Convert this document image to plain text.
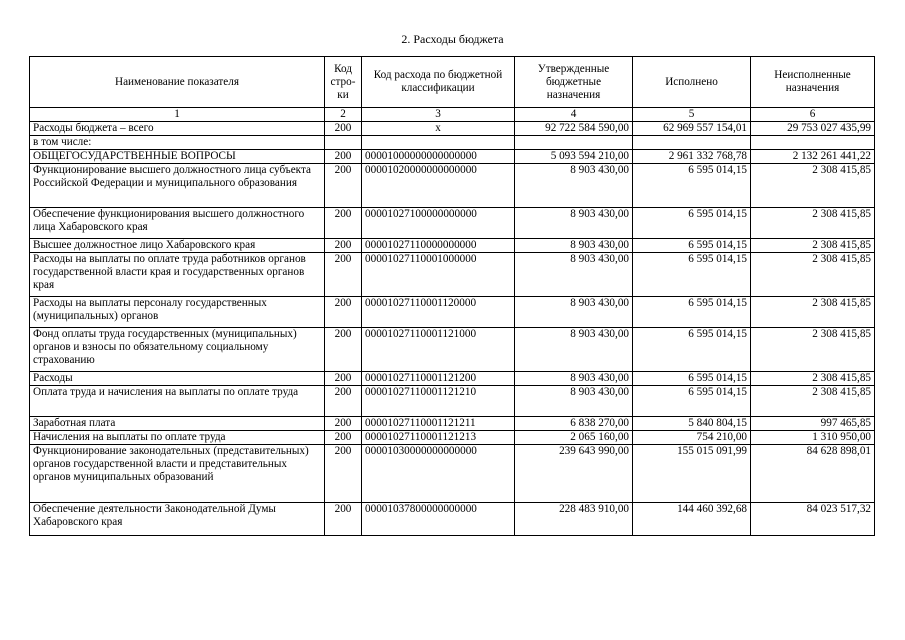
2. Расходы бюджета
Наименование показателя	Код стро-ки	Код расхода по бюджетной классификации	Утвержденные бюджетные назначения	Исполнено	Неисполненные назначения
1	2	3	4	5	6
Расходы бюджета – всего	200	x	92 722 584 590,00	62 969 557 154,01	29 753 027 435,99
в том числе:					
ОБЩЕГОСУДАРСТВЕННЫЕ ВОПРОСЫ	200	00001000000000000000	5 093 594 210,00	2 961 332 768,78	2 132 261 441,22
Функционирование высшего должностного лица субъекта Российской Федерации и муниципального образования	200	00001020000000000000	8 903 430,00	6 595 014,15	2 308 415,85
Обеспечение функционирования высшего должностного лица Хабаровского края	200	00001027100000000000	8 903 430,00	6 595 014,15	2 308 415,85
Высшее должностное лицо Хабаровского края	200	00001027110000000000	8 903 430,00	6 595 014,15	2 308 415,85
Расходы на выплаты по оплате труда работников органов государственной власти края и государственных органов края	200	00001027110001000000	8 903 430,00	6 595 014,15	2 308 415,85
Расходы на выплаты персоналу государственных (муниципальных) органов	200	00001027110001120000	8 903 430,00	6 595 014,15	2 308 415,85
Фонд оплаты труда государственных (муниципальных) органов и взносы по обязательному социальному страхованию	200	00001027110001121000	8 903 430,00	6 595 014,15	2 308 415,85
Расходы	200	00001027110001121200	8 903 430,00	6 595 014,15	2 308 415,85
Оплата труда и начисления на выплаты по оплате труда	200	00001027110001121210	8 903 430,00	6 595 014,15	2 308 415,85
Заработная плата	200	00001027110001121211	6 838 270,00	5 840 804,15	997 465,85
Начисления на выплаты по оплате труда	200	00001027110001121213	2 065 160,00	754 210,00	1 310 950,00
Функционирование законодательных (представительных) органов государственной власти и представительных органов муниципальных образований	200	00001030000000000000	239 643 990,00	155 015 091,99	84 628 898,01
Обеспечение деятельности Законодательной Думы Хабаровского края	200	00001037800000000000	228 483 910,00	144 460 392,68	84 023 517,32
